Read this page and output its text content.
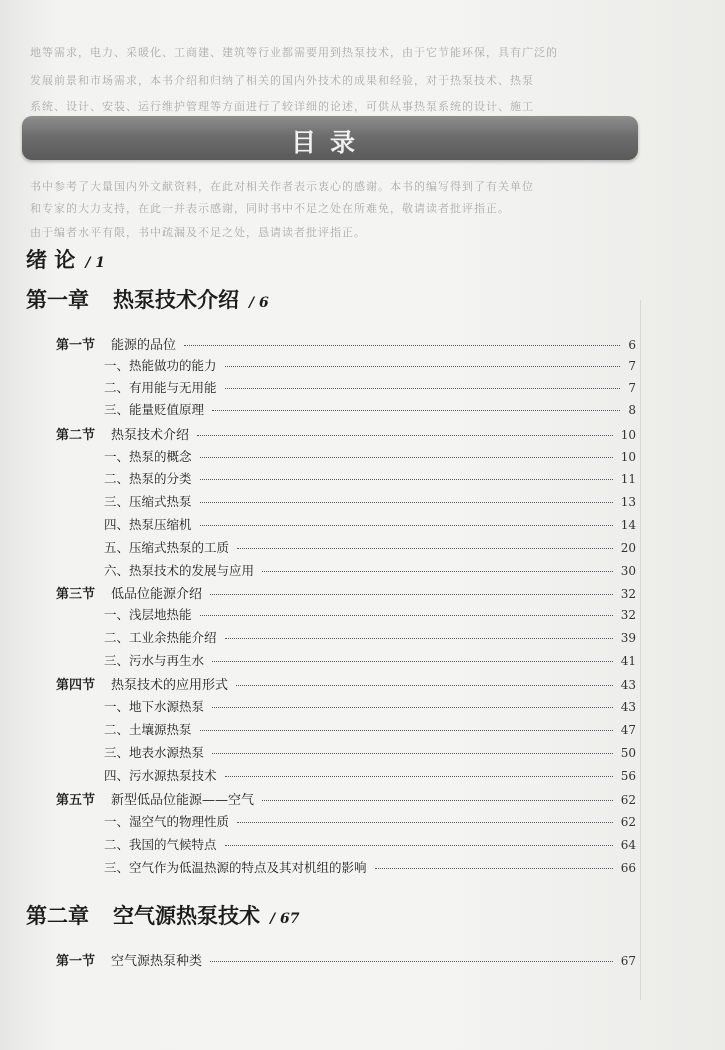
地等需求，电力、采暖化、工商建、建筑等行业都需要用到热泵技术，由于它节能环保，具有广泛的
发展前景和市场需求，本书介绍和归纳了相关的国内外技术的成果和经验，对于热泵技术、热泵
系统、设计、安装、运行维护管理等方面进行了较详细的论述，可供从事热泵系统的设计、施工
书中参考了大量国内外文献资料，在此对相关作者表示衷心的感谢。本书的编写得到了有关单位
和专家的大力支持，在此一并表示感谢，同时书中不足之处在所难免，敬请读者批评指正。
由于编者水平有限，书中疏漏及不足之处，恳请读者批评指正。
目录
绪 论 / 1
第一章 热泵技术介绍 / 6
第一节 能源的品位	6
一、热能做功的能力	7
二、有用能与无用能	7
三、能量贬值原理	8
第二节 热泵技术介绍	10
一、热泵的概念	10
二、热泵的分类	11
三、压缩式热泵	13
四、热泵压缩机	14
五、压缩式热泵的工质	20
六、热泵技术的发展与应用	30
第三节 低品位能源介绍	32
一、浅层地热能	32
二、工业余热能介绍	39
三、污水与再生水	41
第四节 热泵技术的应用形式	43
一、地下水源热泵	43
二、土壤源热泵	47
三、地表水源热泵	50
四、污水源热泵技术	56
第五节 新型低品位能源——空气	62
一、湿空气的物理性质	62
二、我国的气候特点	64
三、空气作为低温热源的特点及其对机组的影响	66
第二章 空气源热泵技术 / 67
第一节 空气源热泵种类	67
